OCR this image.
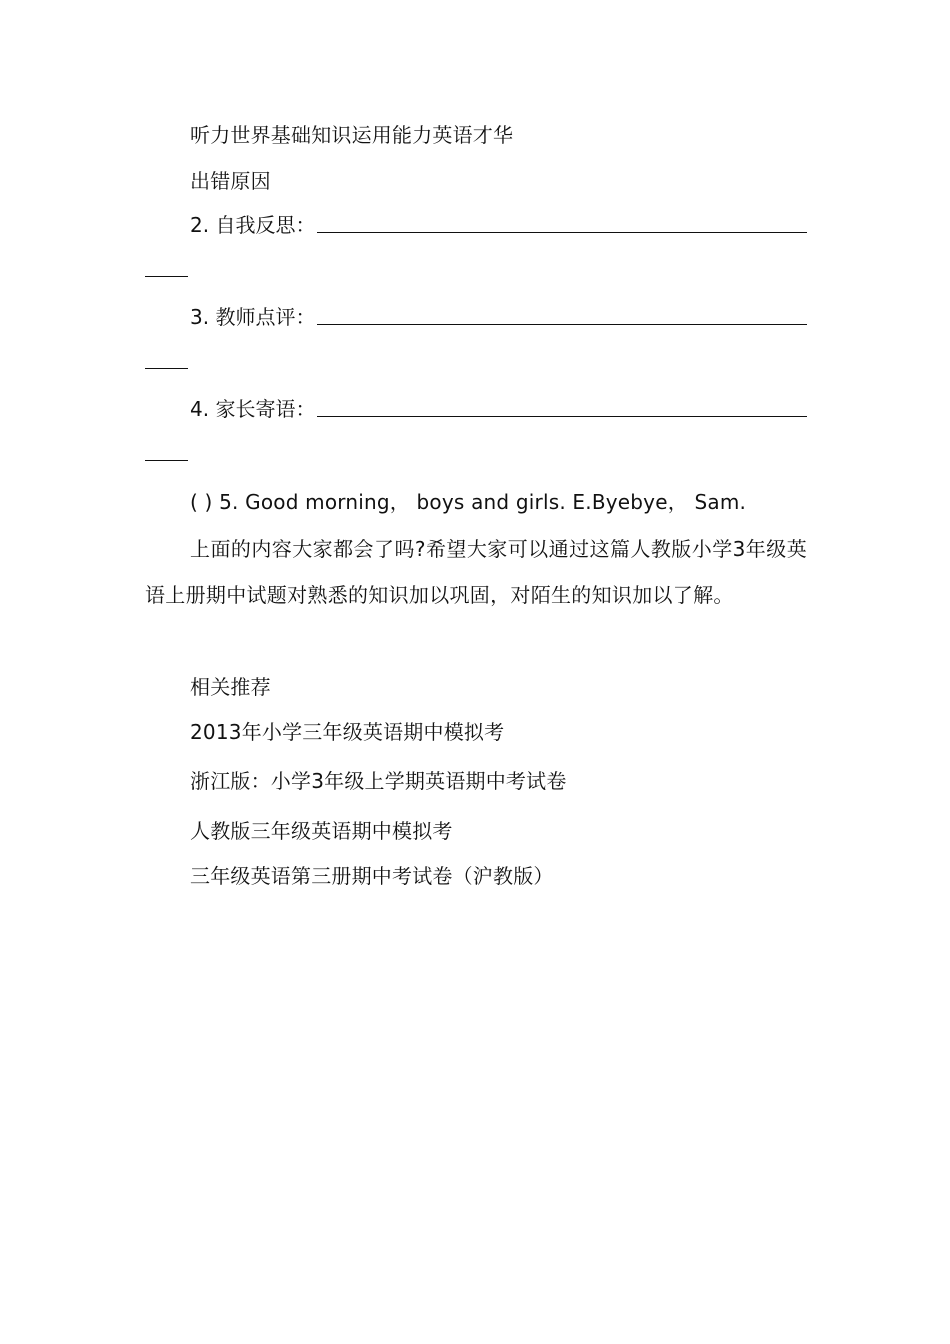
听力世界基础知识运用能力英语才华
出错原因
2. 自我反思：
3. 教师点评：
4. 家长寄语：
( ) 5. Good morning， boys and girls. E.Byebye， Sam.
上面的内容大家都会了吗?希望大家可以通过这篇人教版小学3年级英语上册期中试题对熟悉的知识加以巩固，对陌生的知识加以了解。
相关推荐
2013年小学三年级英语期中模拟考
浙江版：小学3年级上学期英语期中考试卷
人教版三年级英语期中模拟考
三年级英语第三册期中考试卷（沪教版）
